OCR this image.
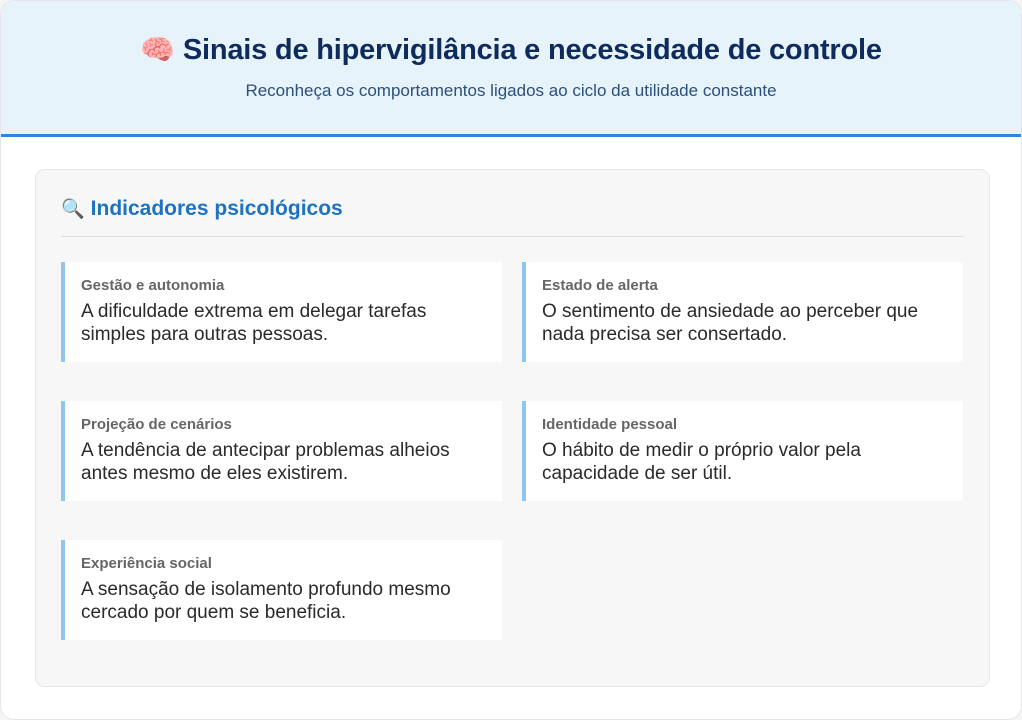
🧠 Sinais de hipervigilância e necessidade de controle
Reconheça os comportamentos ligados ao ciclo da utilidade constante
🔍 Indicadores psicológicos
Gestão e autonomia
A dificuldade extrema em delegar tarefas simples para outras pessoas.
Estado de alerta
O sentimento de ansiedade ao perceber que nada precisa ser consertado.
Projeção de cenários
A tendência de antecipar problemas alheios antes mesmo de eles existirem.
Identidade pessoal
O hábito de medir o próprio valor pela capacidade de ser útil.
Experiência social
A sensação de isolamento profundo mesmo cercado por quem se beneficia.
